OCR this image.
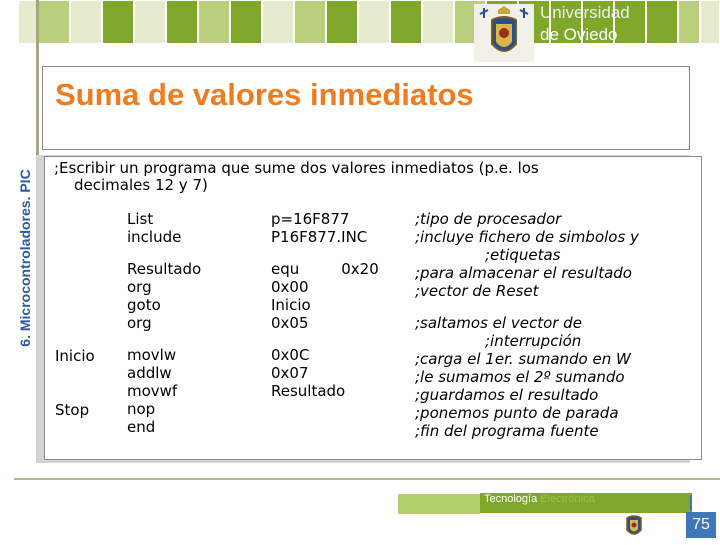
6. Microcontroladores. PIC
Universidad
de Oviedo
Suma de valores inmediatos
;Escribir un programa que sume dos valores inmediatos (p.e. los
decimales 12 y 7)
Inicio
Stop
List
include
Resultado
org
goto
org
movlw
addlw
movwf
nop
end
p=16F877
P16F877.INC
equ	0x20
0x00
Inicio
0x05
0x0C
0x07
Resultado
;tipo de procesador
;incluye fichero de simbolos y
;etiquetas
;para almacenar el resultado
;vector de Reset
;saltamos el vector de
;interrupción
;carga el 1er. sumando en W
;le sumamos el 2º sumando
;guardamos el resultado
;ponemos punto de parada
;fin del programa fuente
Tecnología Electrónica
75
